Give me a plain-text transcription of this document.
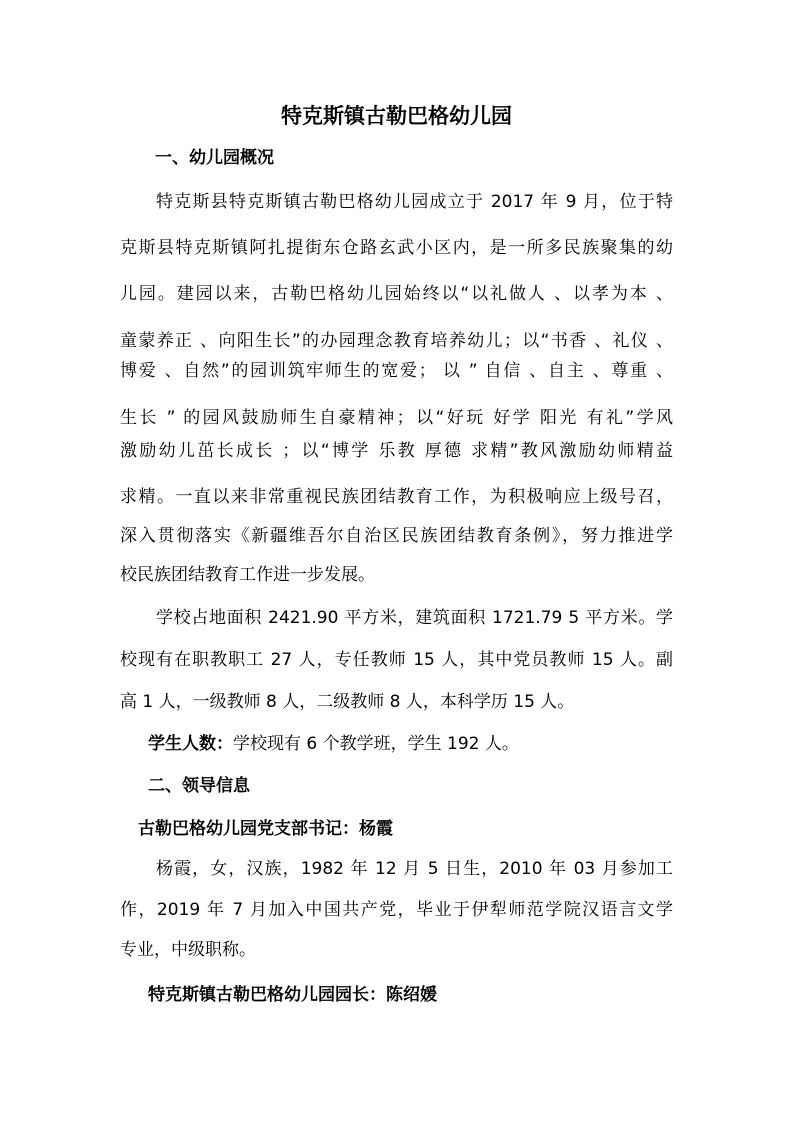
特克斯镇古勒巴格幼儿园
一、幼儿园概况
特克斯县特克斯镇古勒巴格幼儿园成立于 2017 年 9 月，位于特
克斯县特克斯镇阿扎提街东仓路玄武小区内，是一所多民族聚集的幼
儿园。建园以来，古勒巴格幼儿园始终以“以礼做人 、以孝为本 、
童蒙养正 、向阳生长”的办园理念教育培养幼儿；以“书香 、礼仪 、
博爱 、自然”的园训筑牢师生的宽爱； 以 ” 自信 、自主 、尊重 、
生长 ” 的园风鼓励师生自豪精神；以“好玩 好学 阳光 有礼”学风
激励幼儿茁长成长 ；以“博学 乐教 厚德 求精”教风激励幼师精益
求精。一直以来非常重视民族团结教育工作，为积极响应上级号召，
深入贯彻落实《新疆维吾尔自治区民族团结教育条例》，努力推进学
校民族团结教育工作进一步发展。
学校占地面积 2421.90 平方米，建筑面积 1721.79 5 平方米。学
校现有在职教职工 27 人，专任教师 15 人，其中党员教师 15 人。副
高 1 人，一级教师 8 人，二级教师 8 人，本科学历 15 人。
学生人数：学校现有 6 个教学班，学生 192 人。
二、领导信息
古勒巴格幼儿园党支部书记：杨霞
杨霞，女，汉族，1982 年 12 月 5 日生，2010 年 03 月参加工
作，2019 年 7 月加入中国共产党，毕业于伊犁师范学院汉语言文学
专业，中级职称。
特克斯镇古勒巴格幼儿园园长：陈绍媛
